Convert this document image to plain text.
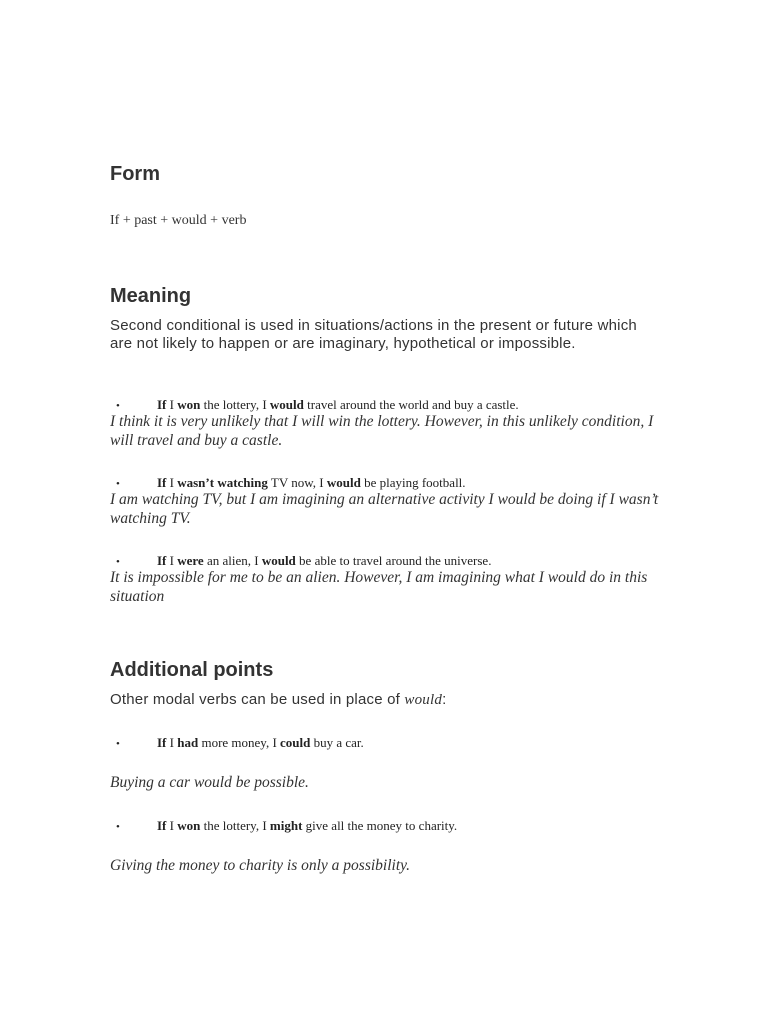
Form
If + past + would + verb
Meaning
Second conditional is used in situations/actions in the present or future which are not likely to happen or are imaginary, hypothetical or impossible.
•	If I won the lottery, I would travel around the world and buy a castle.
I think it is very unlikely that I will win the lottery. However, in this unlikely condition, I will travel and buy a castle.
•	If I wasn’t watching TV now, I would be playing football.
I am watching TV, but I am imagining an alternative activity I would be doing if I wasn’t watching TV.
•	If I were an alien, I would be able to travel around the universe.
It is impossible for me to be an alien. However, I am imagining what I would do in this situation
Additional points
Other modal verbs can be used in place of would:
•	If I had more money, I could buy a car.
Buying a car would be possible.
•	If I won the lottery, I might give all the money to charity.
Giving the money to charity is only a possibility.
